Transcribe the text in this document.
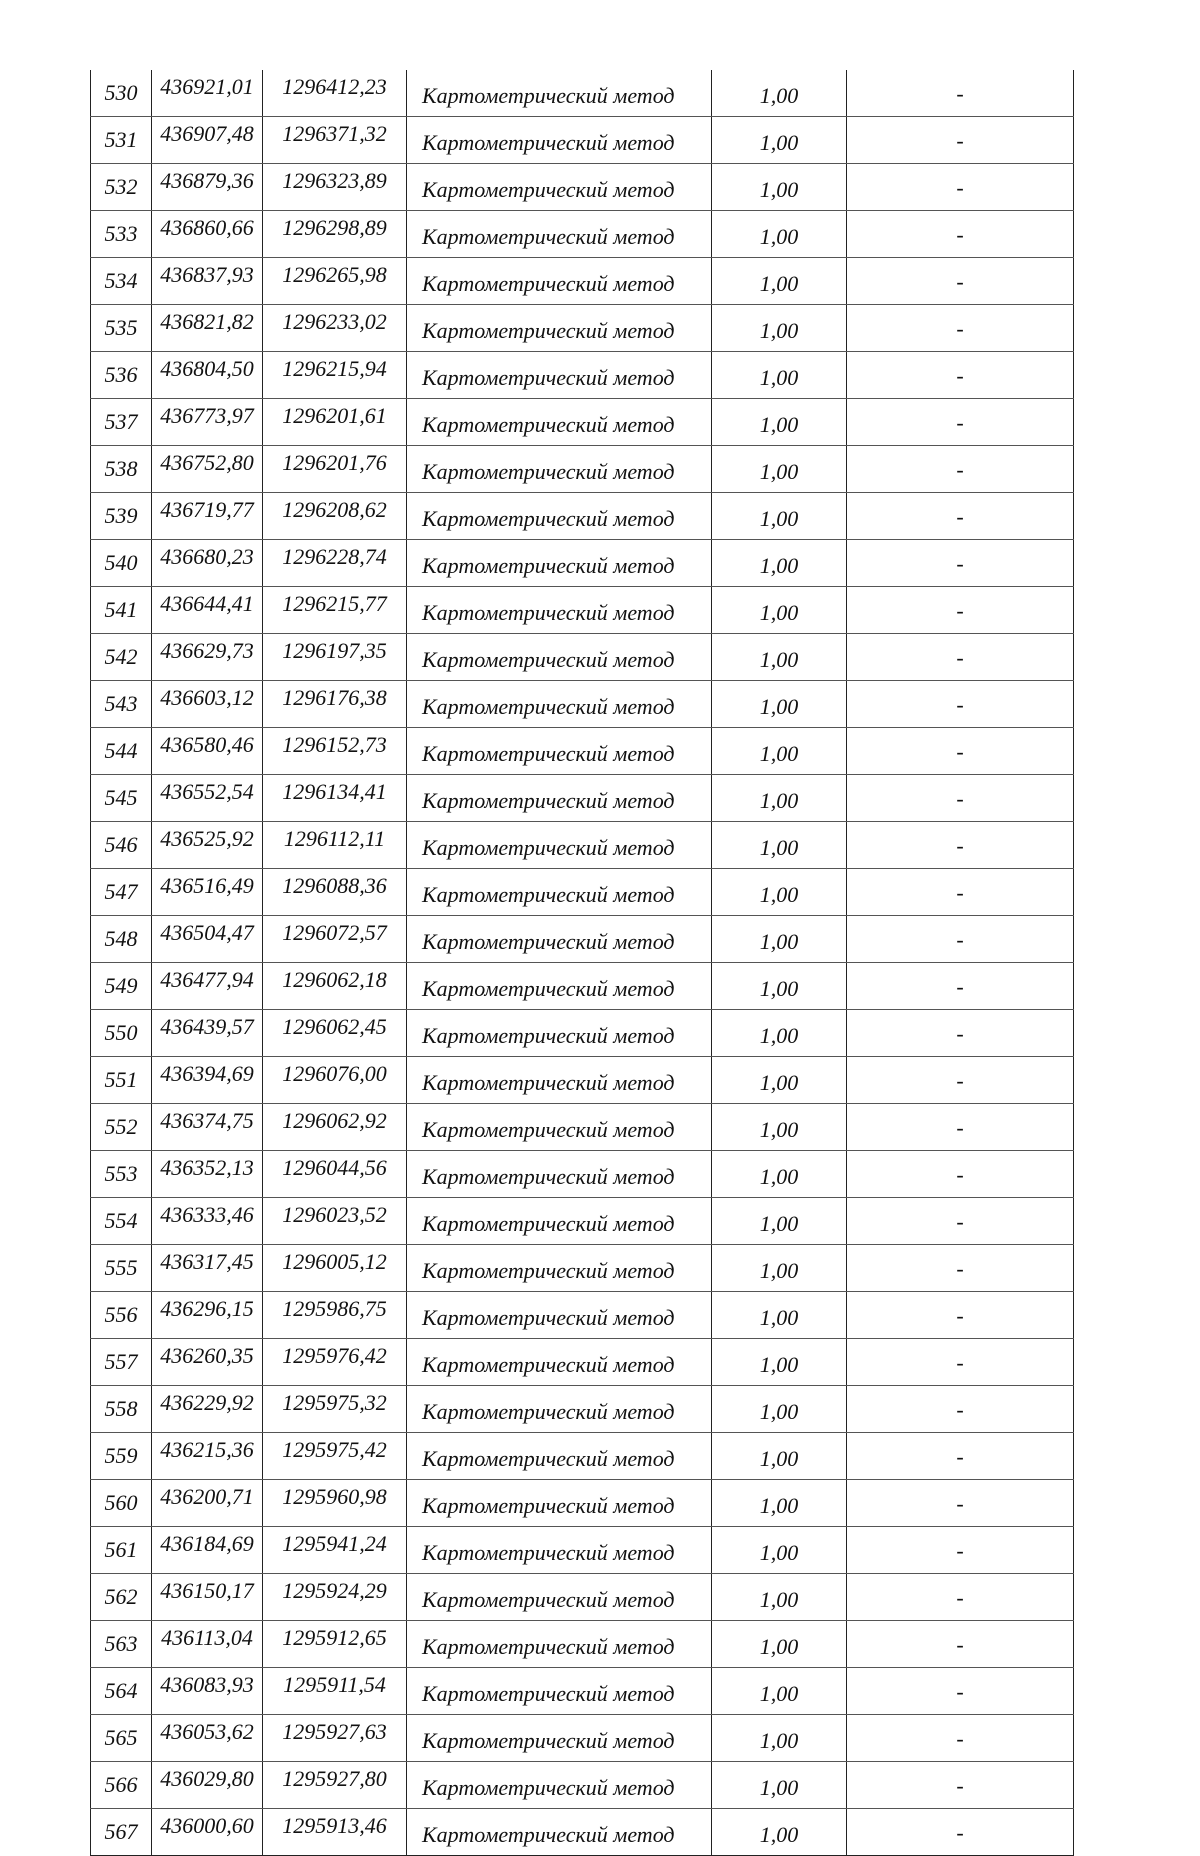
530	436921,01	1296412,23	Картометрический метод	1,00	-
531	436907,48	1296371,32	Картометрический метод	1,00	-
532	436879,36	1296323,89	Картометрический метод	1,00	-
533	436860,66	1296298,89	Картометрический метод	1,00	-
534	436837,93	1296265,98	Картометрический метод	1,00	-
535	436821,82	1296233,02	Картометрический метод	1,00	-
536	436804,50	1296215,94	Картометрический метод	1,00	-
537	436773,97	1296201,61	Картометрический метод	1,00	-
538	436752,80	1296201,76	Картометрический метод	1,00	-
539	436719,77	1296208,62	Картометрический метод	1,00	-
540	436680,23	1296228,74	Картометрический метод	1,00	-
541	436644,41	1296215,77	Картометрический метод	1,00	-
542	436629,73	1296197,35	Картометрический метод	1,00	-
543	436603,12	1296176,38	Картометрический метод	1,00	-
544	436580,46	1296152,73	Картометрический метод	1,00	-
545	436552,54	1296134,41	Картометрический метод	1,00	-
546	436525,92	1296112,11	Картометрический метод	1,00	-
547	436516,49	1296088,36	Картометрический метод	1,00	-
548	436504,47	1296072,57	Картометрический метод	1,00	-
549	436477,94	1296062,18	Картометрический метод	1,00	-
550	436439,57	1296062,45	Картометрический метод	1,00	-
551	436394,69	1296076,00	Картометрический метод	1,00	-
552	436374,75	1296062,92	Картометрический метод	1,00	-
553	436352,13	1296044,56	Картометрический метод	1,00	-
554	436333,46	1296023,52	Картометрический метод	1,00	-
555	436317,45	1296005,12	Картометрический метод	1,00	-
556	436296,15	1295986,75	Картометрический метод	1,00	-
557	436260,35	1295976,42	Картометрический метод	1,00	-
558	436229,92	1295975,32	Картометрический метод	1,00	-
559	436215,36	1295975,42	Картометрический метод	1,00	-
560	436200,71	1295960,98	Картометрический метод	1,00	-
561	436184,69	1295941,24	Картометрический метод	1,00	-
562	436150,17	1295924,29	Картометрический метод	1,00	-
563	436113,04	1295912,65	Картометрический метод	1,00	-
564	436083,93	1295911,54	Картометрический метод	1,00	-
565	436053,62	1295927,63	Картометрический метод	1,00	-
566	436029,80	1295927,80	Картометрический метод	1,00	-
567	436000,60	1295913,46	Картометрический метод	1,00	-
